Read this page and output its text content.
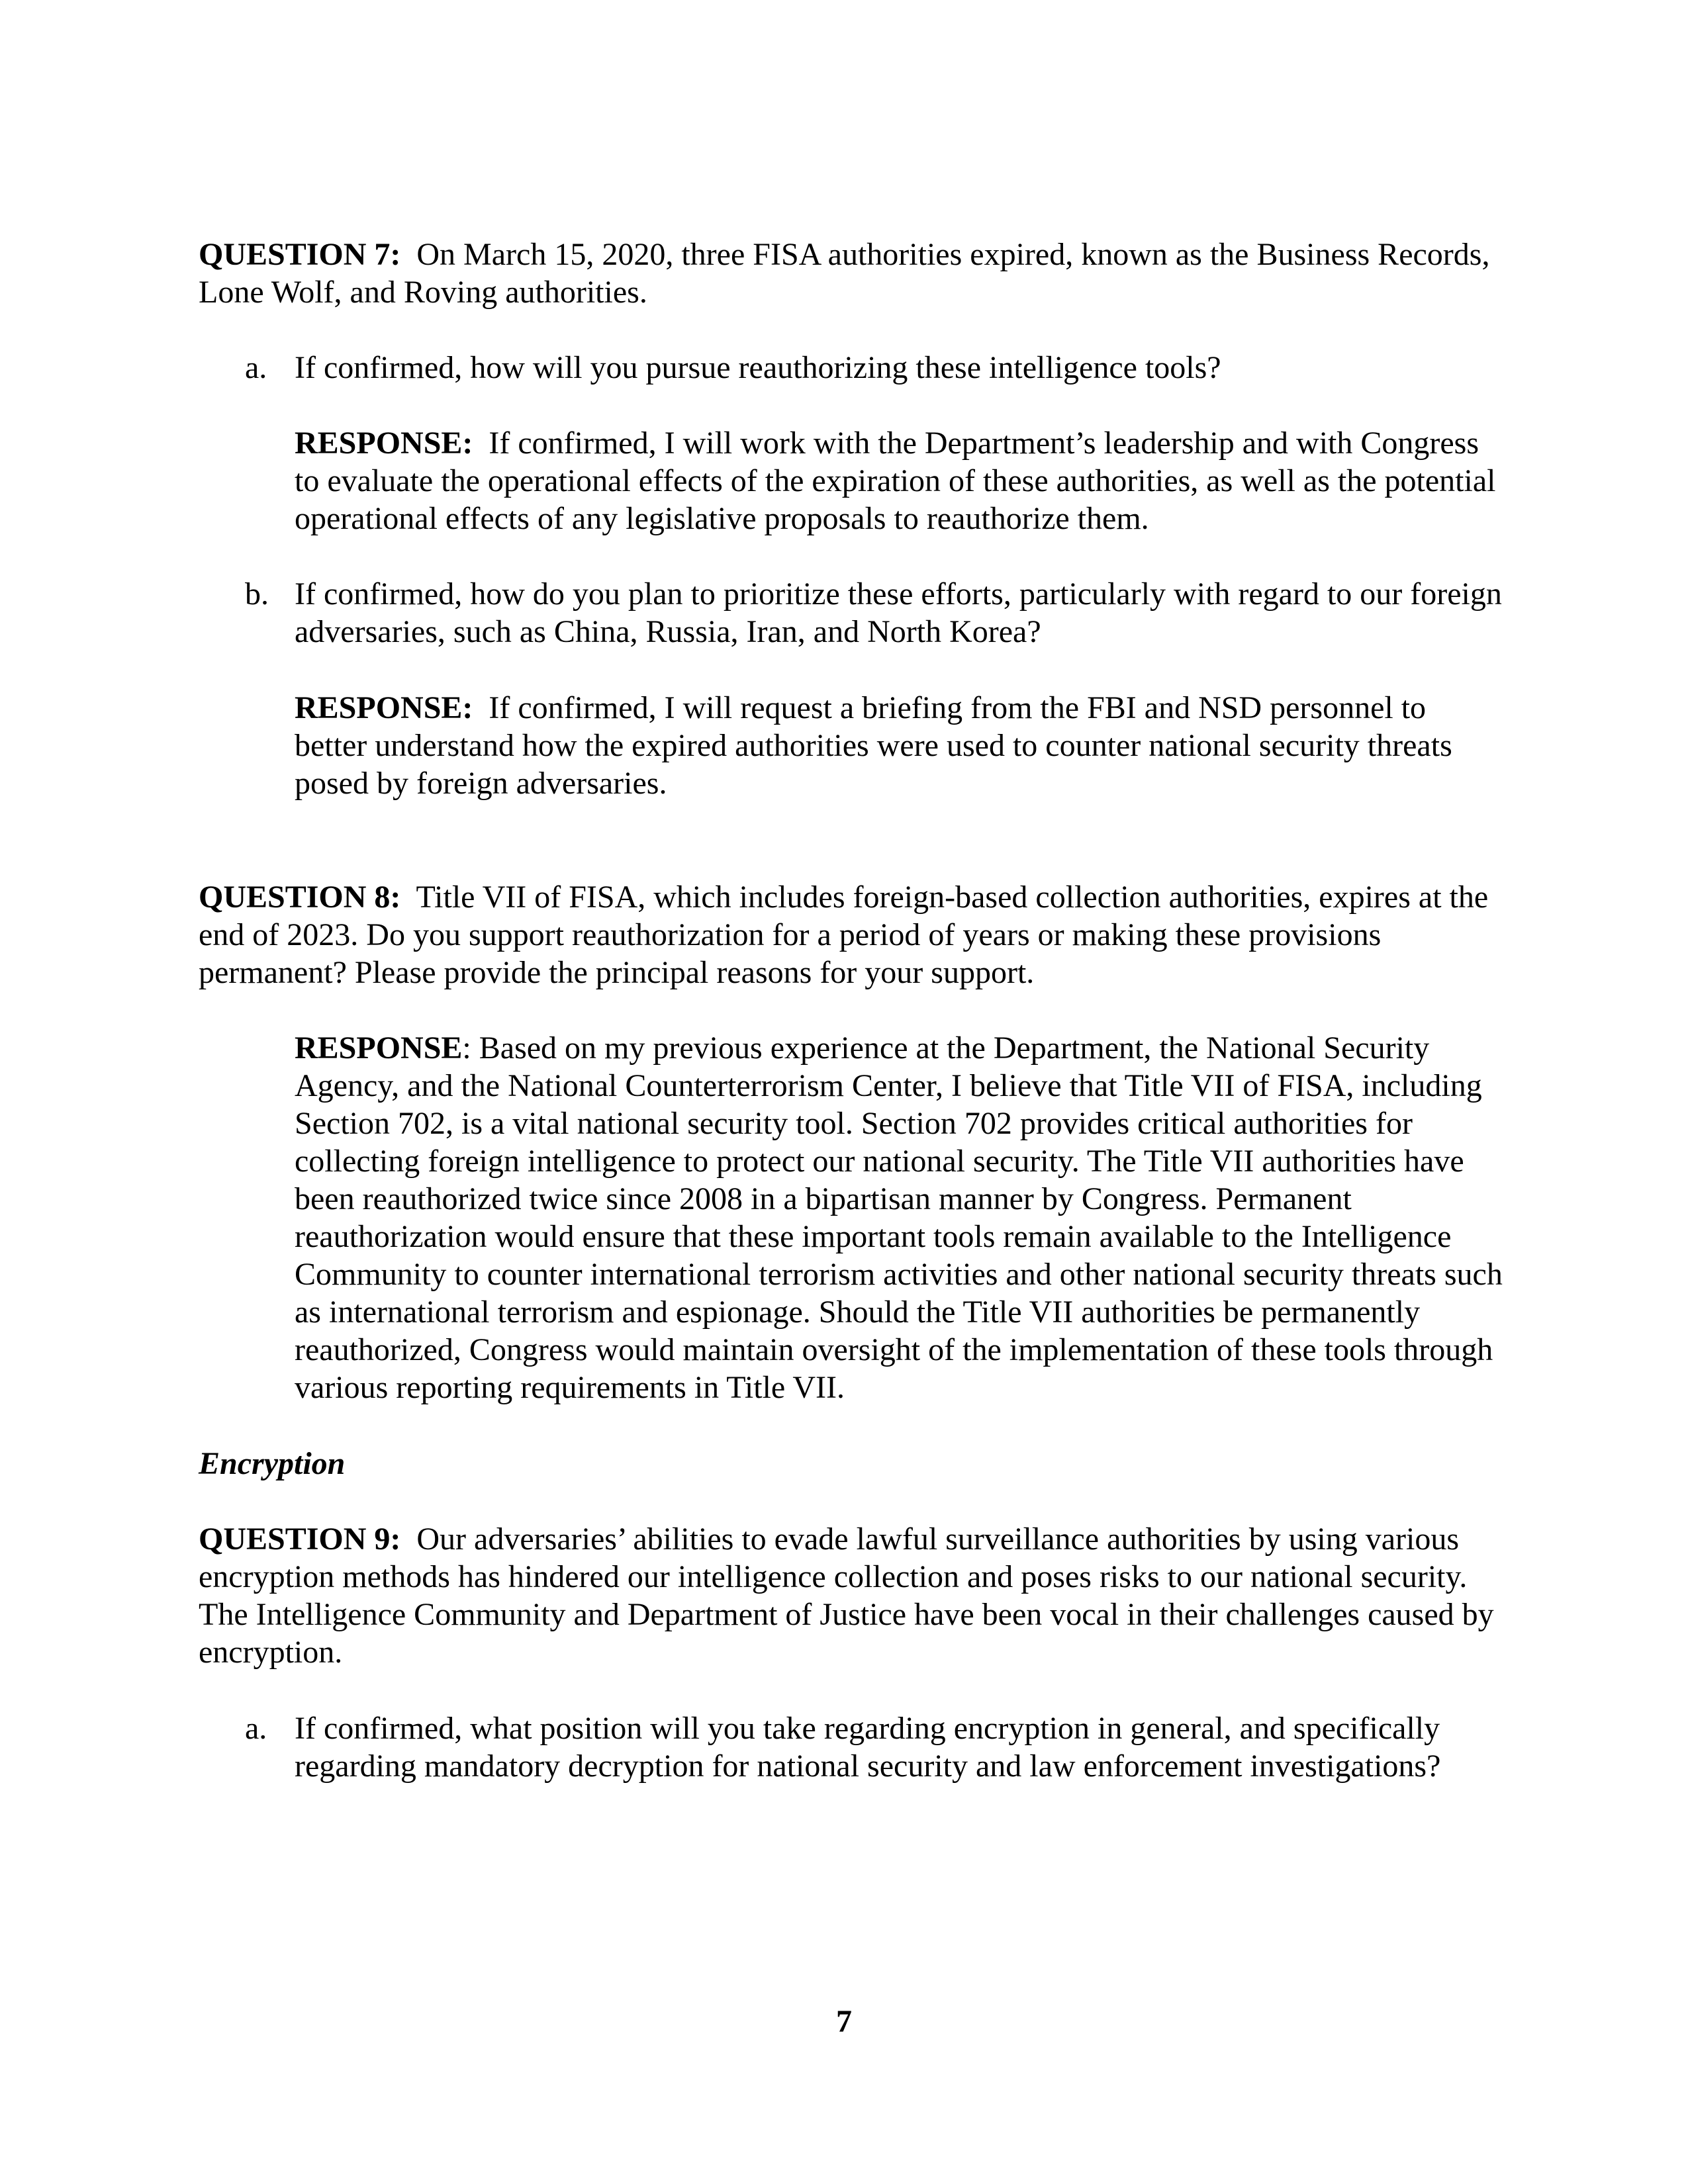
QUESTION 7: On March 15, 2020, three FISA authorities expired, known as the Business Records, Lone Wolf, and Roving authorities.

a. If confirmed, how will you pursue reauthorizing these intelligence tools?

RESPONSE: If confirmed, I will work with the Department’s leadership and with Congress to evaluate the operational effects of the expiration of these authorities, as well as the potential operational effects of any legislative proposals to reauthorize them.

b. If confirmed, how do you plan to prioritize these efforts, particularly with regard to our foreign adversaries, such as China, Russia, Iran, and North Korea?

RESPONSE: If confirmed, I will request a briefing from the FBI and NSD personnel to better understand how the expired authorities were used to counter national security threats posed by foreign adversaries.

QUESTION 8: Title VII of FISA, which includes foreign-based collection authorities, expires at the end of 2023. Do you support reauthorization for a period of years or making these provisions permanent? Please provide the principal reasons for your support.

RESPONSE: Based on my previous experience at the Department, the National Security Agency, and the National Counterterrorism Center, I believe that Title VII of FISA, including Section 702, is a vital national security tool. Section 702 provides critical authorities for collecting foreign intelligence to protect our national security. The Title VII authorities have been reauthorized twice since 2008 in a bipartisan manner by Congress. Permanent reauthorization would ensure that these important tools remain available to the Intelligence Community to counter international terrorism activities and other national security threats such as international terrorism and espionage. Should the Title VII authorities be permanently reauthorized, Congress would maintain oversight of the implementation of these tools through various reporting requirements in Title VII.

Encryption

QUESTION 9: Our adversaries’ abilities to evade lawful surveillance authorities by using various encryption methods has hindered our intelligence collection and poses risks to our national security. The Intelligence Community and Department of Justice have been vocal in their challenges caused by encryption.

a. If confirmed, what position will you take regarding encryption in general, and specifically regarding mandatory decryption for national security and law enforcement investigations?
7
